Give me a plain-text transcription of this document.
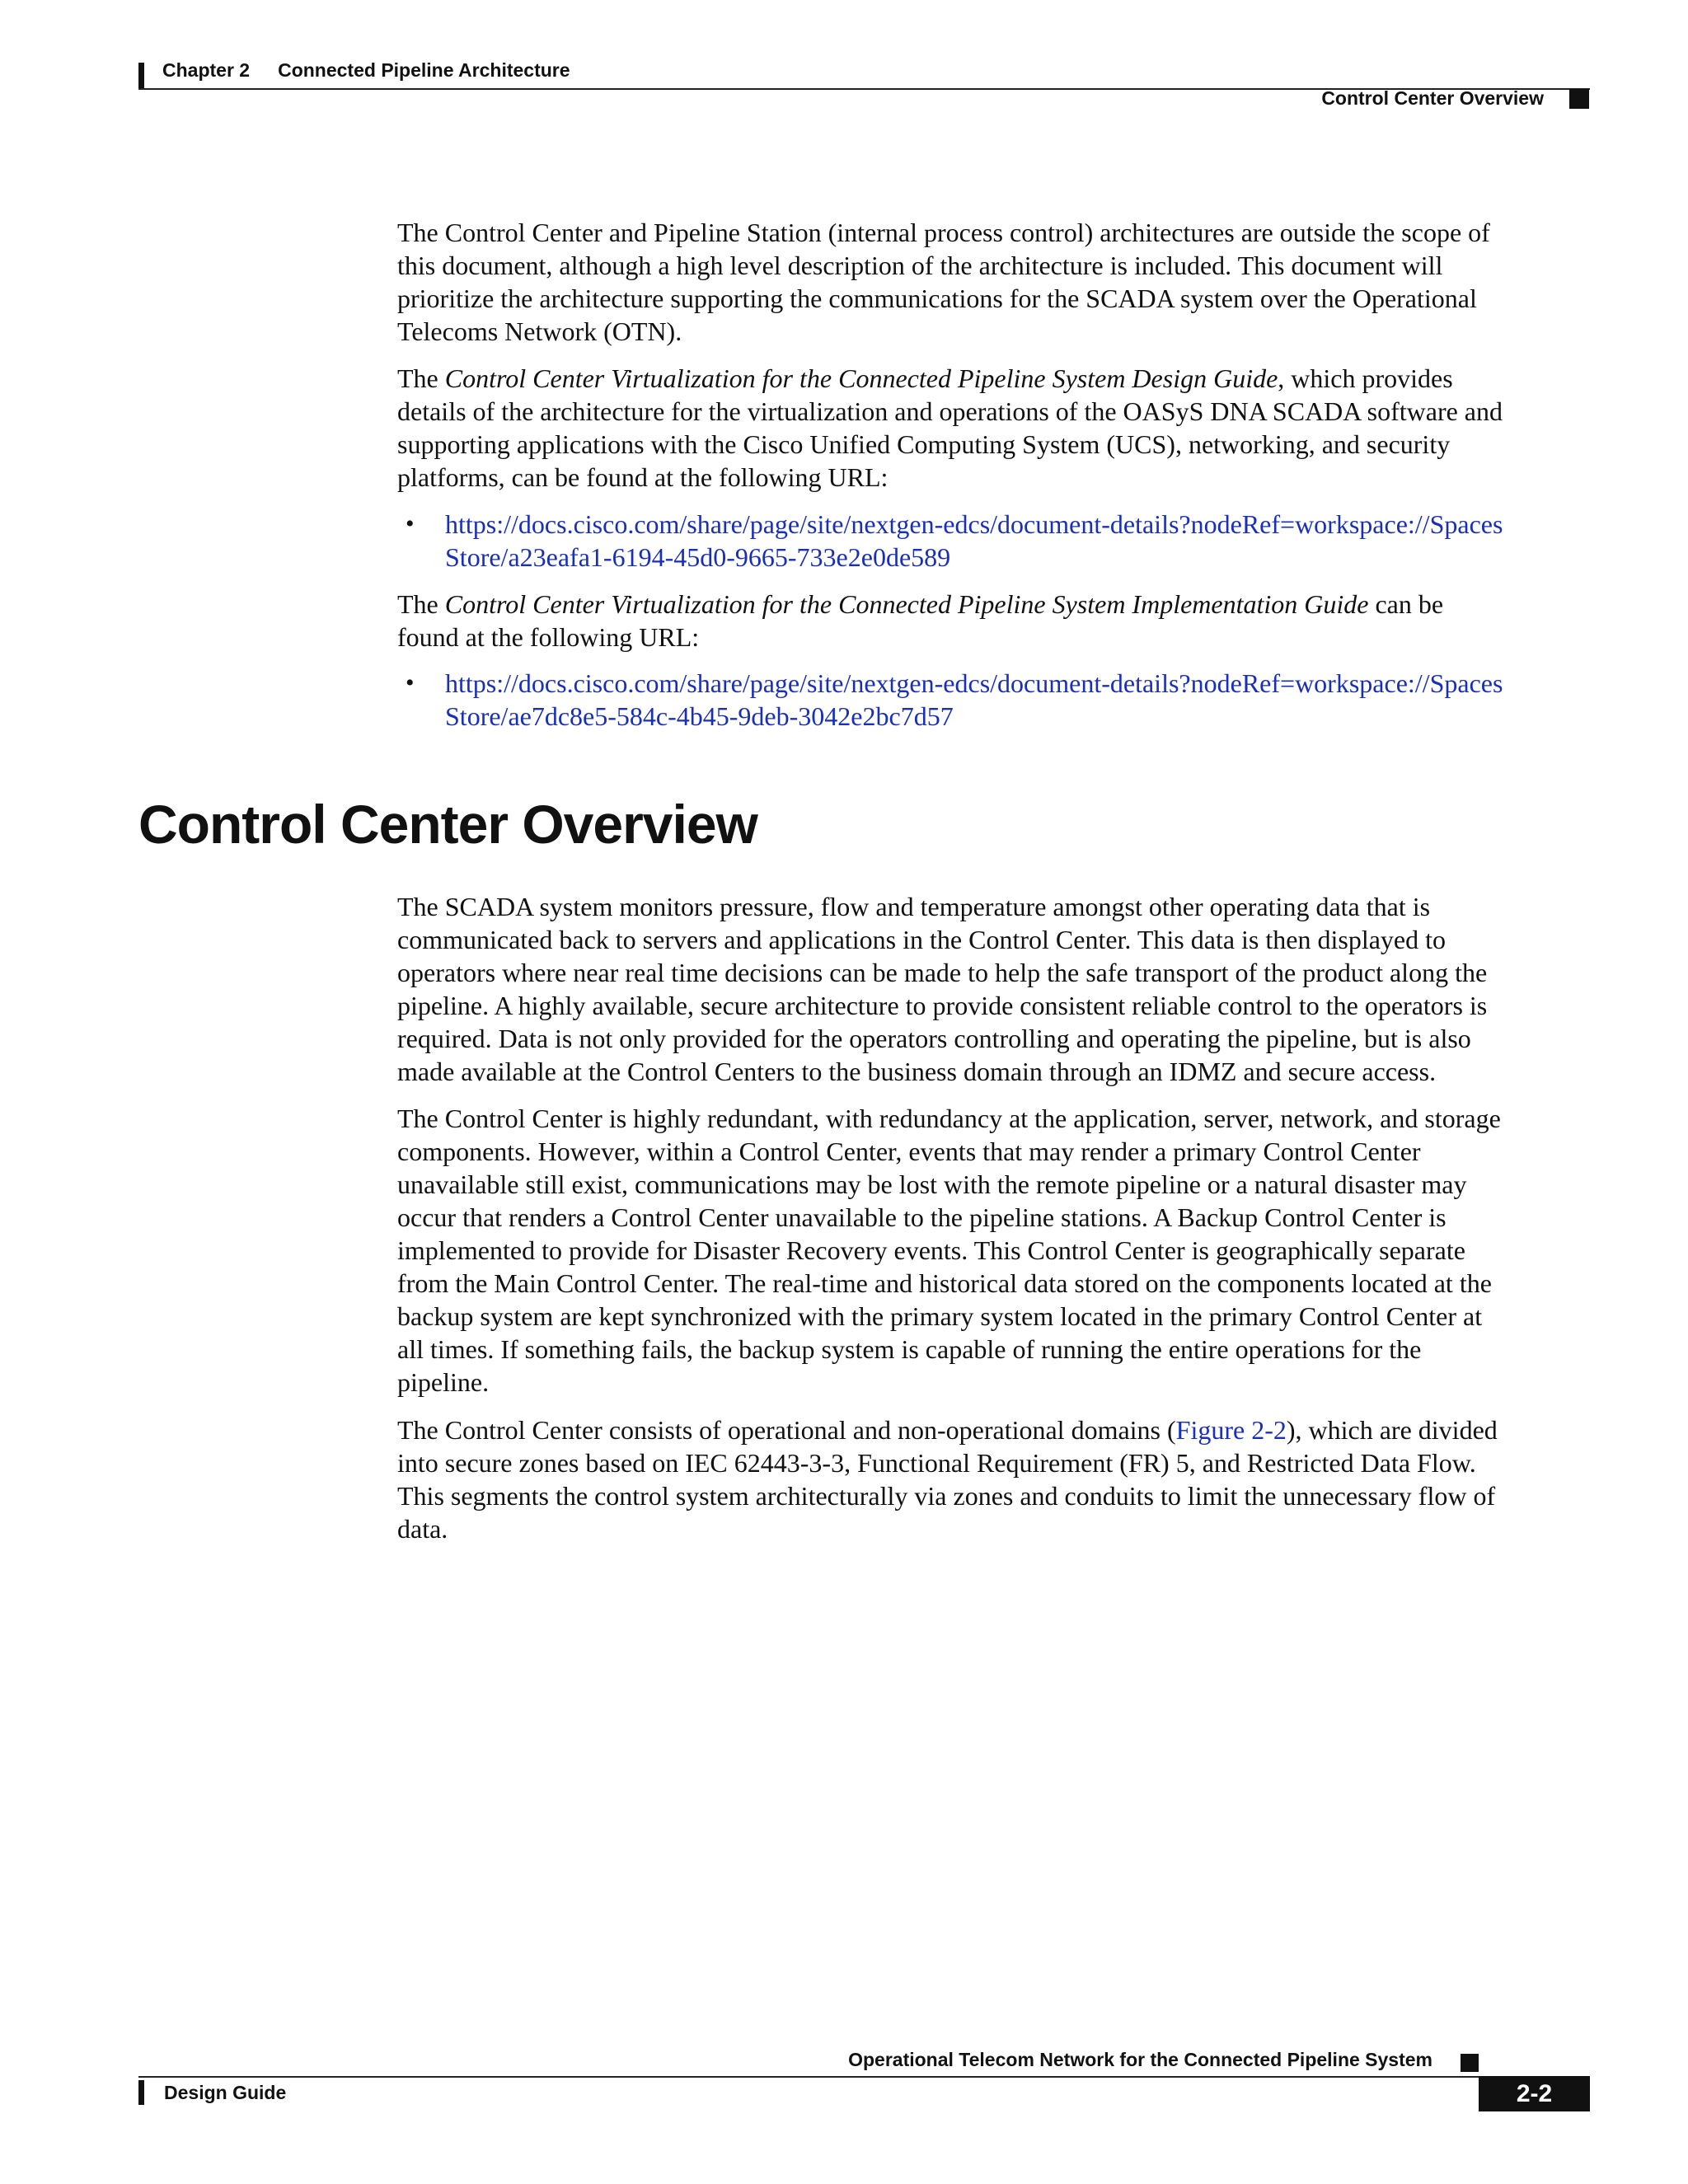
Chapter 2 Connected Pipeline Architecture
Control Center Overview

The Control Center and Pipeline Station (internal process control) architectures are outside the scope of

this document, although a high level description of the architecture is included. This document will

prioritize the architecture supporting the communications for the SCADA system over the Operational

Telecoms Network (OTN).

The Control Center Virtualization for the Connected Pipeline System Design Guide, which provides

details of the architecture for the virtualization and operations of the OASyS DNA SCADA software and

supporting applications with the Cisco Unified Computing System (UCS), networking, and security

platforms, can be found at the following URL:

• https://docs.cisco.com/share/page/site/nextgen-edcs/document-details?nodeRef=workspace://Spaces

Store/a23eafa1-6194-45d0-9665-733e2e0de589

The Control Center Virtualization for the Connected Pipeline System Implementation Guide can be

found at the following URL:

• https://docs.cisco.com/share/page/site/nextgen-edcs/document-details?nodeRef=workspace://Spaces

Store/ae7dc8e5-584c-4b45-9deb-3042e2bc7d57

Control Center Overview

The SCADA system monitors pressure, flow and temperature amongst other operating data that is

communicated back to servers and applications in the Control Center. This data is then displayed to

operators where near real time decisions can be made to help the safe transport of the product along the

pipeline. A highly available, secure architecture to provide consistent reliable control to the operators is

required. Data is not only provided for the operators controlling and operating the pipeline, but is also

made available at the Control Centers to the business domain through an IDMZ and secure access.

The Control Center is highly redundant, with redundancy at the application, server, network, and storage

components. However, within a Control Center, events that may render a primary Control Center

unavailable still exist, communications may be lost with the remote pipeline or a natural disaster may

occur that renders a Control Center unavailable to the pipeline stations. A Backup Control Center is

implemented to provide for Disaster Recovery events. This Control Center is geographically separate

from the Main Control Center. The real-time and historical data stored on the components located at the

backup system are kept synchronized with the primary system located in the primary Control Center at

all times. If something fails, the backup system is capable of running the entire operations for the

pipeline.

The Control Center consists of operational and non-operational domains (Figure 2-2), which are divided

into secure zones based on IEC 62443-3-3, Functional Requirement (FR) 5, and Restricted Data Flow.

This segments the control system architecturally via zones and conduits to limit the unnecessary flow of

data.

Operational Telecom Network for the Connected Pipeline System
Design Guide	2-2
